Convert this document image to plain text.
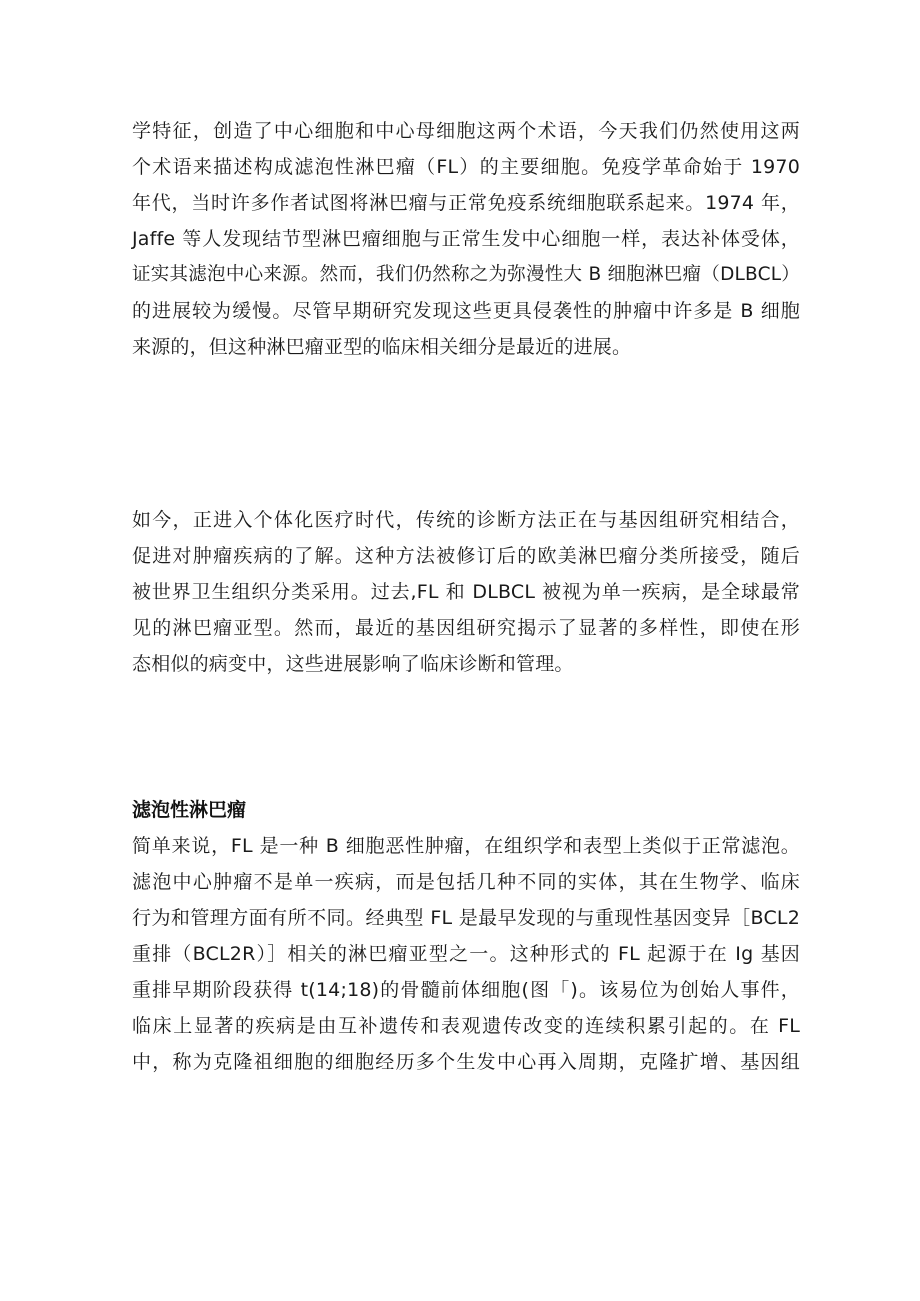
学特征，创造了中心细胞和中心母细胞这两个术语，今天我们仍然使用这两
个术语来描述构成滤泡性淋巴瘤（FL）的主要细胞。免疫学革命始于 1970
年代，当时许多作者试图将淋巴瘤与正常免疫系统细胞联系起来。1974 年，
Jaffe 等人发现结节型淋巴瘤细胞与正常生发中心细胞一样，表达补体受体，
证实其滤泡中心来源。然而，我们仍然称之为弥漫性大 B 细胞淋巴瘤（DLBCL）
的进展较为缓慢。尽管早期研究发现这些更具侵袭性的肿瘤中许多是 B 细胞
来源的，但这种淋巴瘤亚型的临床相关细分是最近的进展。
如今，正进入个体化医疗时代，传统的诊断方法正在与基因组研究相结合，
促进对肿瘤疾病的了解。这种方法被修订后的欧美淋巴瘤分类所接受，随后
被世界卫生组织分类采用。过去,FL 和 DLBCL 被视为单一疾病，是全球最常
见的淋巴瘤亚型。然而，最近的基因组研究揭示了显著的多样性，即使在形
态相似的病变中，这些进展影响了临床诊断和管理。
滤泡性淋巴瘤
简单来说，FL 是一种 B 细胞恶性肿瘤，在组织学和表型上类似于正常滤泡。
滤泡中心肿瘤不是单一疾病，而是包括几种不同的实体，其在生物学、临床
行为和管理方面有所不同。经典型 FL 是最早发现的与重现性基因变异［BCL2
重排（BCL2R）］相关的淋巴瘤亚型之一。这种形式的 FL 起源于在 Ig 基因
重排早期阶段获得 t(14;18)的骨髓前体细胞(图「)。该易位为创始人事件，
临床上显著的疾病是由互补遗传和表观遗传改变的连续积累引起的。在 FL
中，称为克隆祖细胞的细胞经历多个生发中心再入周期，克隆扩增、基因组
